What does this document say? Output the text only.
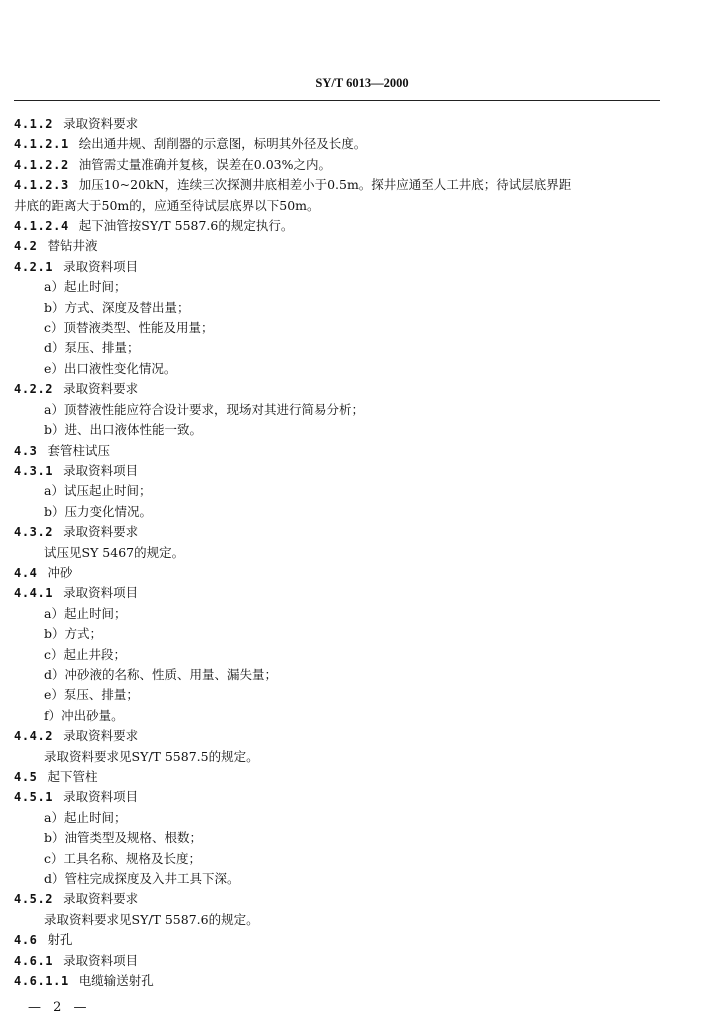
SY/T 6013—2000
4.1.2 录取资料要求
4.1.2.1 绘出通井规、刮削器的示意图，标明其外径及长度。
4.1.2.2 油管需丈量准确并复核，误差在0.03%之内。
4.1.2.3 加压10~20kN，连续三次探测井底相差小于0.5m。探井应通至人工井底；待试层底界距
井底的距离大于50m的，应通至待试层底界以下50m。
4.1.2.4 起下油管按SY/T 5587.6的规定执行。
4.2 替钻井液
4.2.1 录取资料项目
a）起止时间；
b）方式、深度及替出量；
c）顶替液类型、性能及用量；
d）泵压、排量；
e）出口液性变化情况。
4.2.2 录取资料要求
a）顶替液性能应符合设计要求，现场对其进行简易分析；
b）进、出口液体性能一致。
4.3 套管柱试压
4.3.1 录取资料项目
a）试压起止时间；
b）压力变化情况。
4.3.2 录取资料要求
试压见SY 5467的规定。
4.4 冲砂
4.4.1 录取资料项目
a）起止时间；
b）方式；
c）起止井段；
d）冲砂液的名称、性质、用量、漏失量；
e）泵压、排量；
f）冲出砂量。
4.4.2 录取资料要求
录取资料要求见SY/T 5587.5的规定。
4.5 起下管柱
4.5.1 录取资料项目
a）起止时间；
b）油管类型及规格、根数；
c）工具名称、规格及长度；
d）管柱完成探度及入井工具下深。
4.5.2 录取资料要求
录取资料要求见SY/T 5587.6的规定。
4.6 射孔
4.6.1 录取资料项目
4.6.1.1 电缆输送射孔
— 2 —
